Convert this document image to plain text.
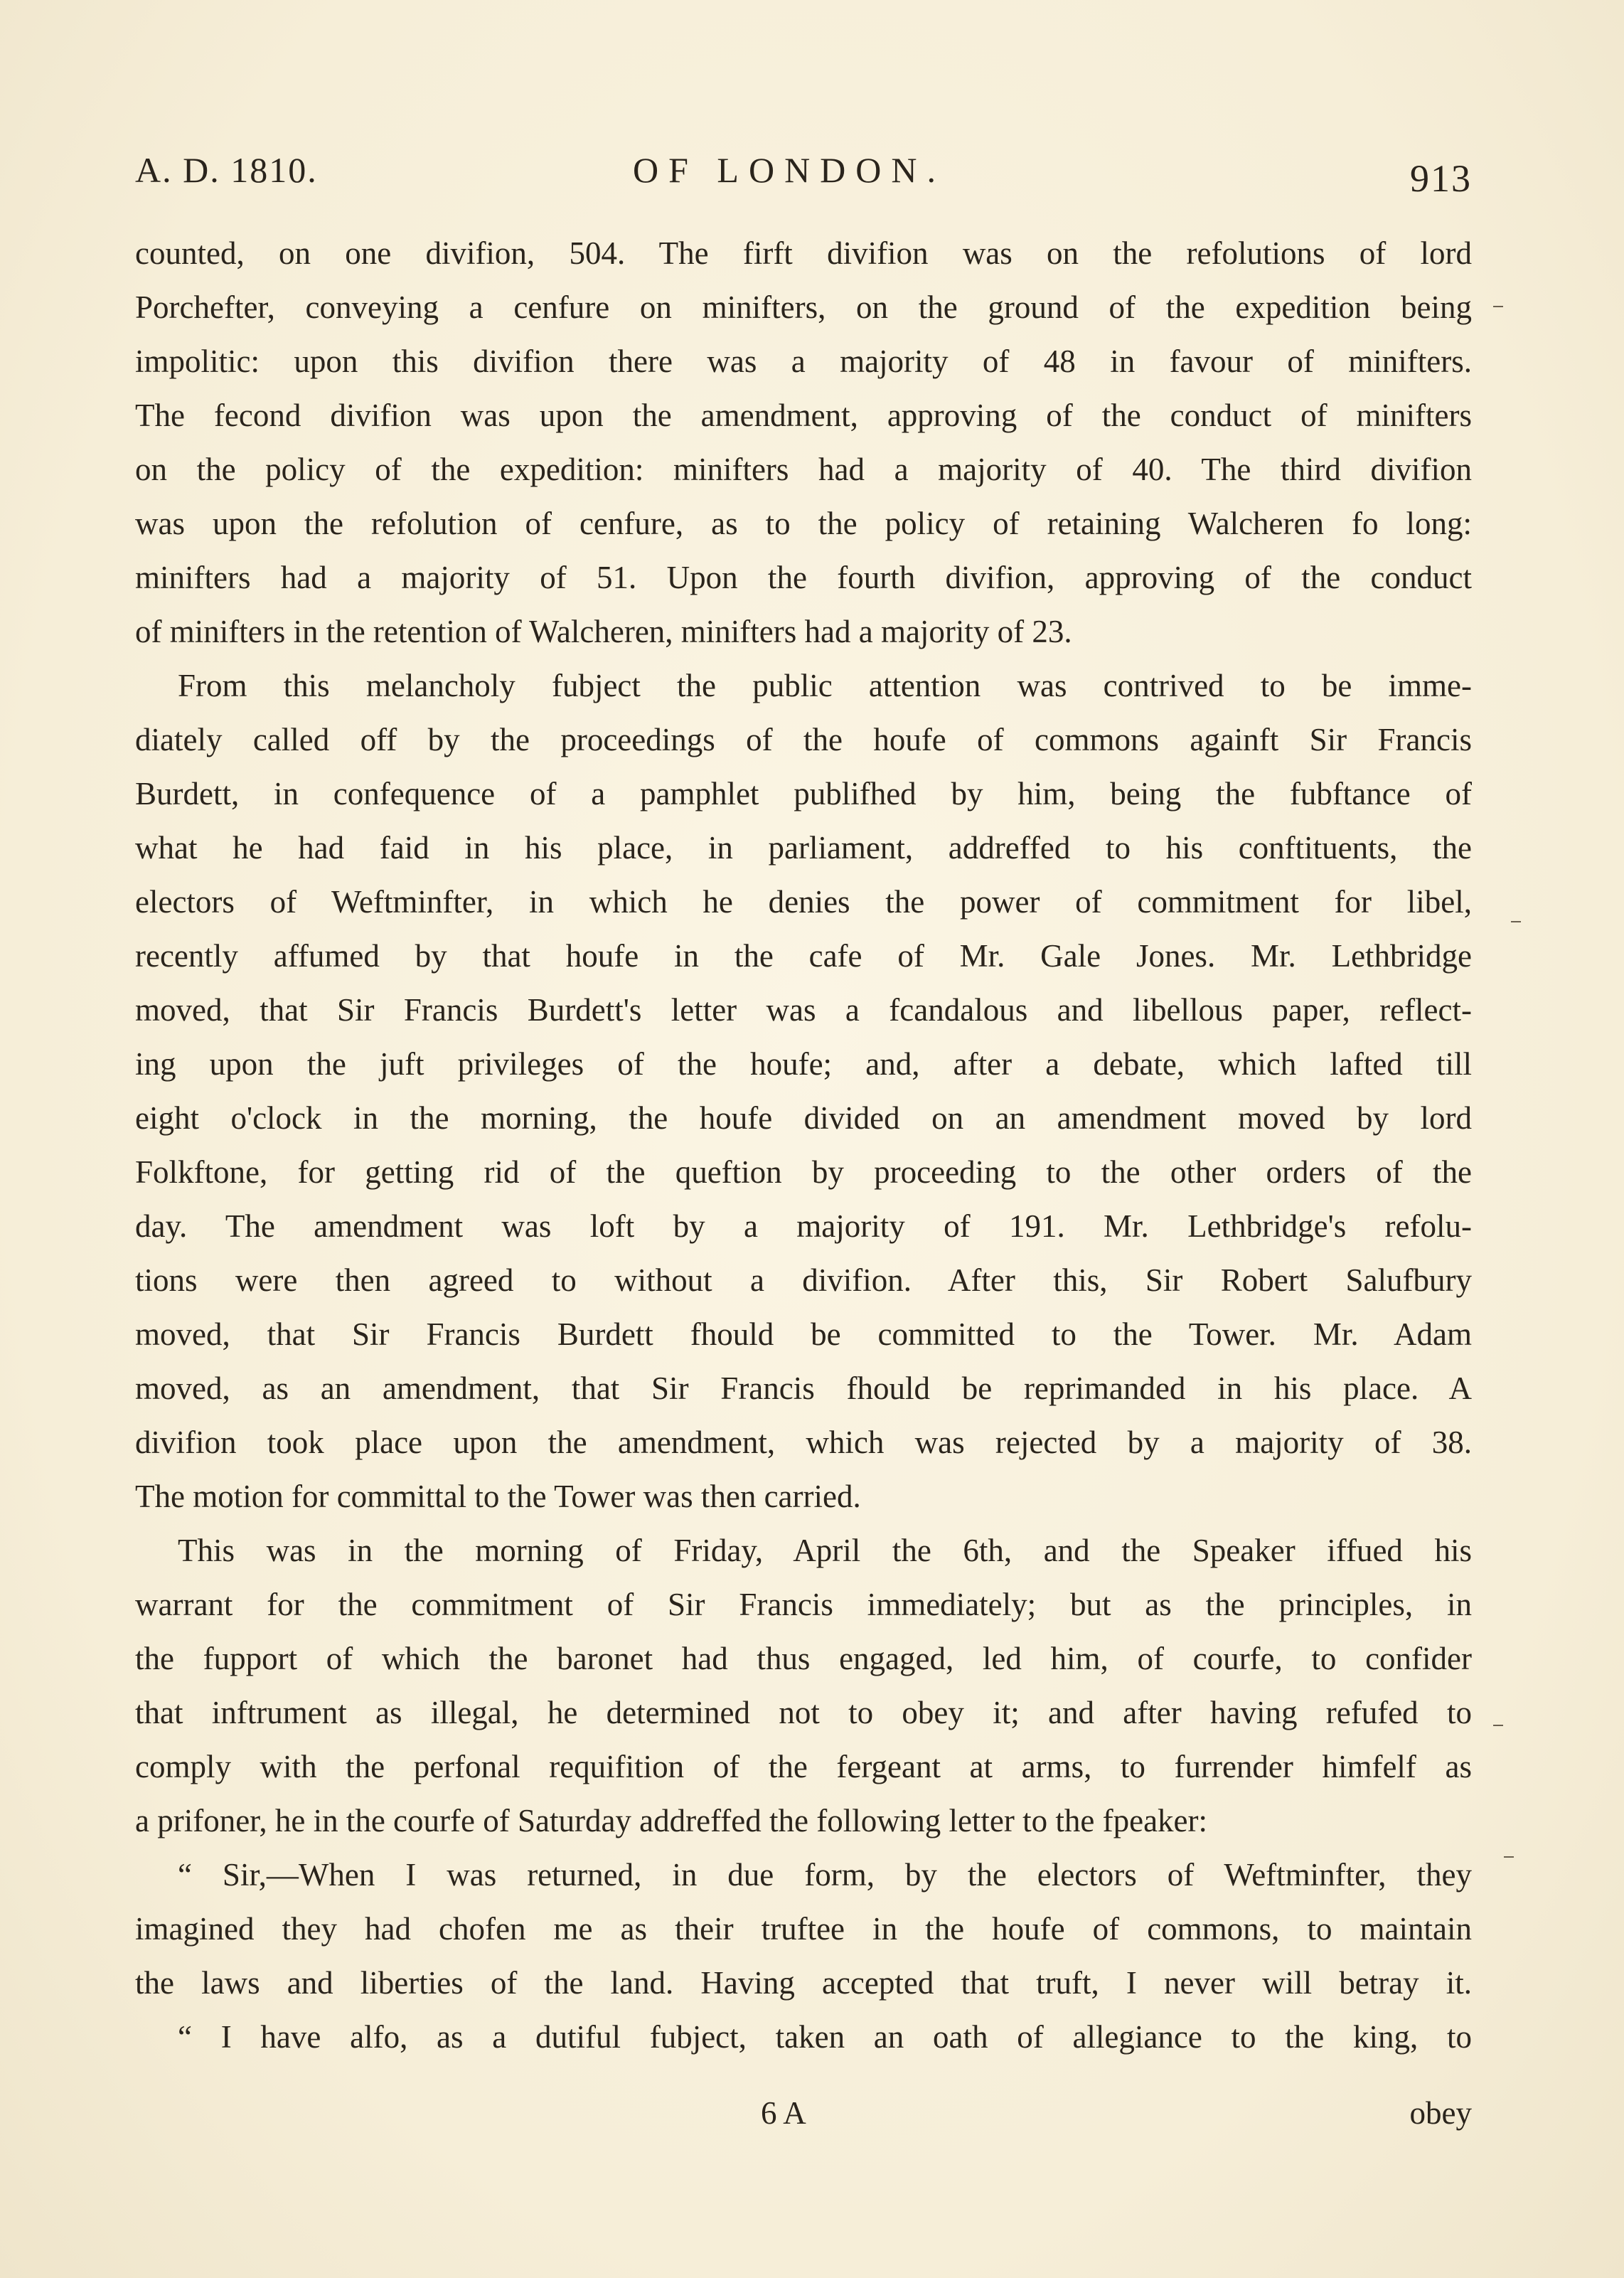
A. D. 1810.	OF LONDON.	913
counted, on one divifion, 504. The firft divifion was on the refolutions of lord
Porchefter, conveying a cenfure on minifters, on the ground of the expedition being
impolitic: upon this divifion there was a majority of 48 in favour of minifters.
The fecond divifion was upon the amendment, approving of the conduct of minifters
on the policy of the expedition: minifters had a majority of 40. The third divifion
was upon the refolution of cenfure, as to the policy of retaining Walcheren fo long:
minifters had a majority of 51. Upon the fourth divifion, approving of the conduct
of minifters in the retention of Walcheren, minifters had a majority of 23.
From this melancholy fubject the public attention was contrived to be imme-
diately called off by the proceedings of the houfe of commons againft Sir Francis
Burdett, in confequence of a pamphlet publifhed by him, being the fubftance of
what he had faid in his place, in parliament, addreffed to his conftituents, the
electors of Weftminfter, in which he denies the power of commitment for libel,
recently affumed by that houfe in the cafe of Mr. Gale Jones. Mr. Lethbridge
moved, that Sir Francis Burdett's letter was a fcandalous and libellous paper, reflect-
ing upon the juft privileges of the houfe; and, after a debate, which lafted till
eight o'clock in the morning, the houfe divided on an amendment moved by lord
Folkftone, for getting rid of the queftion by proceeding to the other orders of the
day. The amendment was loft by a majority of 191. Mr. Lethbridge's refolu-
tions were then agreed to without a divifion. After this, Sir Robert Salufbury
moved, that Sir Francis Burdett fhould be committed to the Tower. Mr. Adam
moved, as an amendment, that Sir Francis fhould be reprimanded in his place. A
divifion took place upon the amendment, which was rejected by a majority of 38.
The motion for committal to the Tower was then carried.
This was in the morning of Friday, April the 6th, and the Speaker iffued his
warrant for the commitment of Sir Francis immediately; but as the principles, in
the fupport of which the baronet had thus engaged, led him, of courfe, to confider
that inftrument as illegal, he determined not to obey it; and after having refufed to
comply with the perfonal requifition of the fergeant at arms, to furrender himfelf as
a prifoner, he in the courfe of Saturday addreffed the following letter to the fpeaker:
“ Sir,—When I was returned, in due form, by the electors of Weftminfter, they
imagined they had chofen me as their truftee in the houfe of commons, to maintain
the laws and liberties of the land. Having accepted that truft, I never will betray it.
“ I have alfo, as a dutiful fubject, taken an oath of allegiance to the king, to
6 A	obey
